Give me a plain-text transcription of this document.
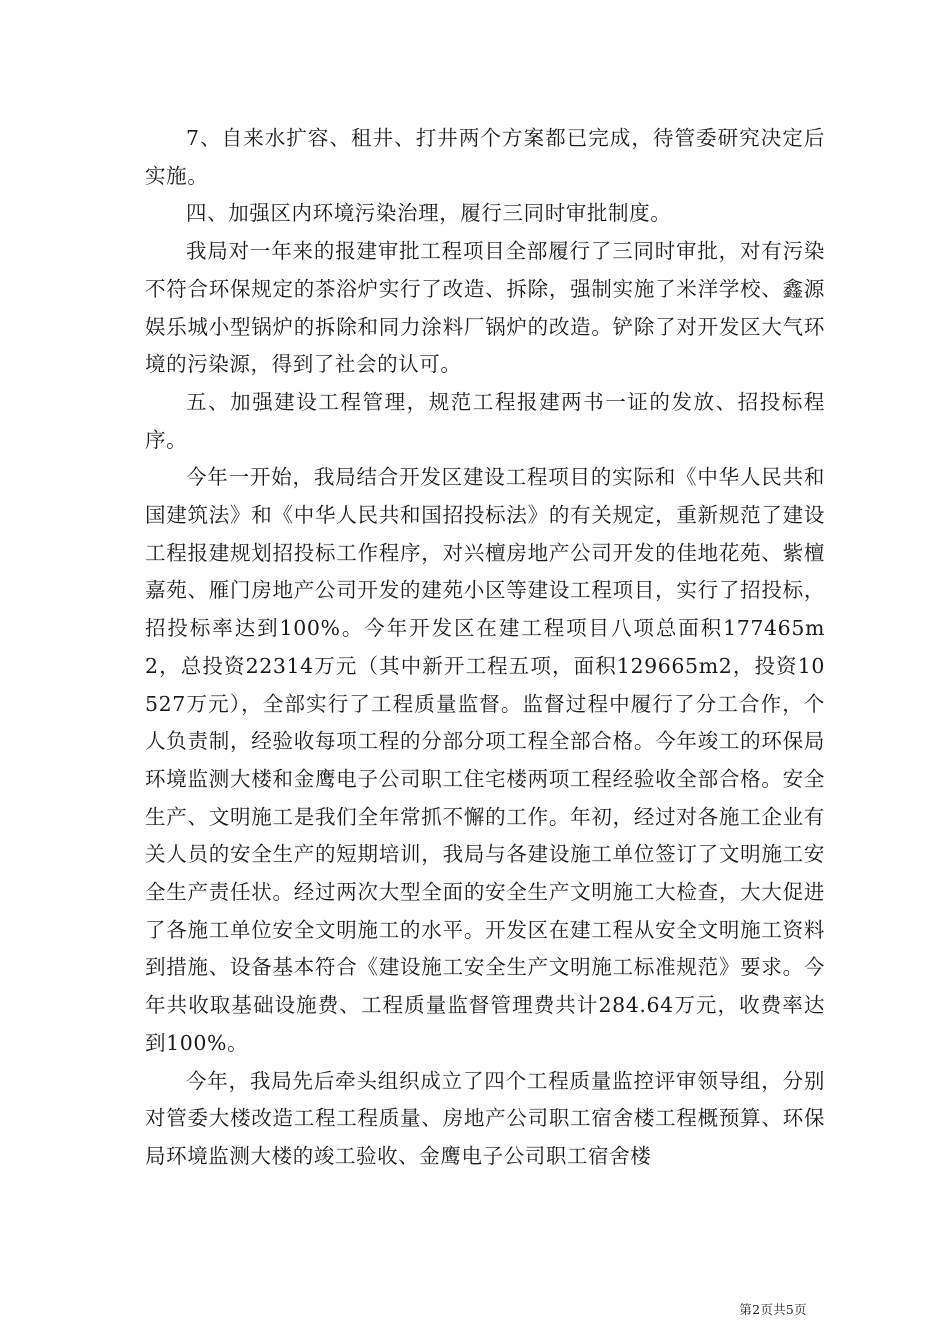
7、自来水扩容、租井、打井两个方案都已完成，待管委研究决定后实施。

四、加强区内环境污染治理，履行三同时审批制度。

我局对一年来的报建审批工程项目全部履行了三同时审批，对有污染不符合环保规定的茶浴炉实行了改造、拆除，强制实施了米洋学校、鑫源娱乐城小型锅炉的拆除和同力涂料厂锅炉的改造。铲除了对开发区大气环境的污染源，得到了社会的认可。

五、加强建设工程管理，规范工程报建两书一证的发放、招投标程序。

今年一开始，我局结合开发区建设工程项目的实际和《中华人民共和国建筑法》和《中华人民共和国招投标法》的有关规定，重新规范了建设工程报建规划招投标工作程序，对兴檀房地产公司开发的佳地花苑、紫檀嘉苑、雁门房地产公司开发的建苑小区等建设工程项目，实行了招投标，招投标率达到100%。今年开发区在建工程项目八项总面积177465m2，总投资22314万元（其中新开工程五项，面积129665m2，投资10527万元），全部实行了工程质量监督。监督过程中履行了分工合作，个人负责制，经验收每项工程的分部分项工程全部合格。今年竣工的环保局环境监测大楼和金鹰电子公司职工住宅楼两项工程经验收全部合格。安全生产、文明施工是我们全年常抓不懈的工作。年初，经过对各施工企业有关人员的安全生产的短期培训，我局与各建设施工单位签订了文明施工安全生产责任状。经过两次大型全面的安全生产文明施工大检查，大大促进了各施工单位安全文明施工的水平。开发区在建工程从安全文明施工资料到措施、设备基本符合《建设施工安全生产文明施工标准规范》要求。今年共收取基础设施费、工程质量监督管理费共计284.64万元，收费率达到100%。

今年，我局先后牵头组织成立了四个工程质量监控评审领导组，分别对管委大楼改造工程工程质量、房地产公司职工宿舍楼工程概预算、环保局环境监测大楼的竣工验收、金鹰电子公司职工宿舍楼

第2页共5页
